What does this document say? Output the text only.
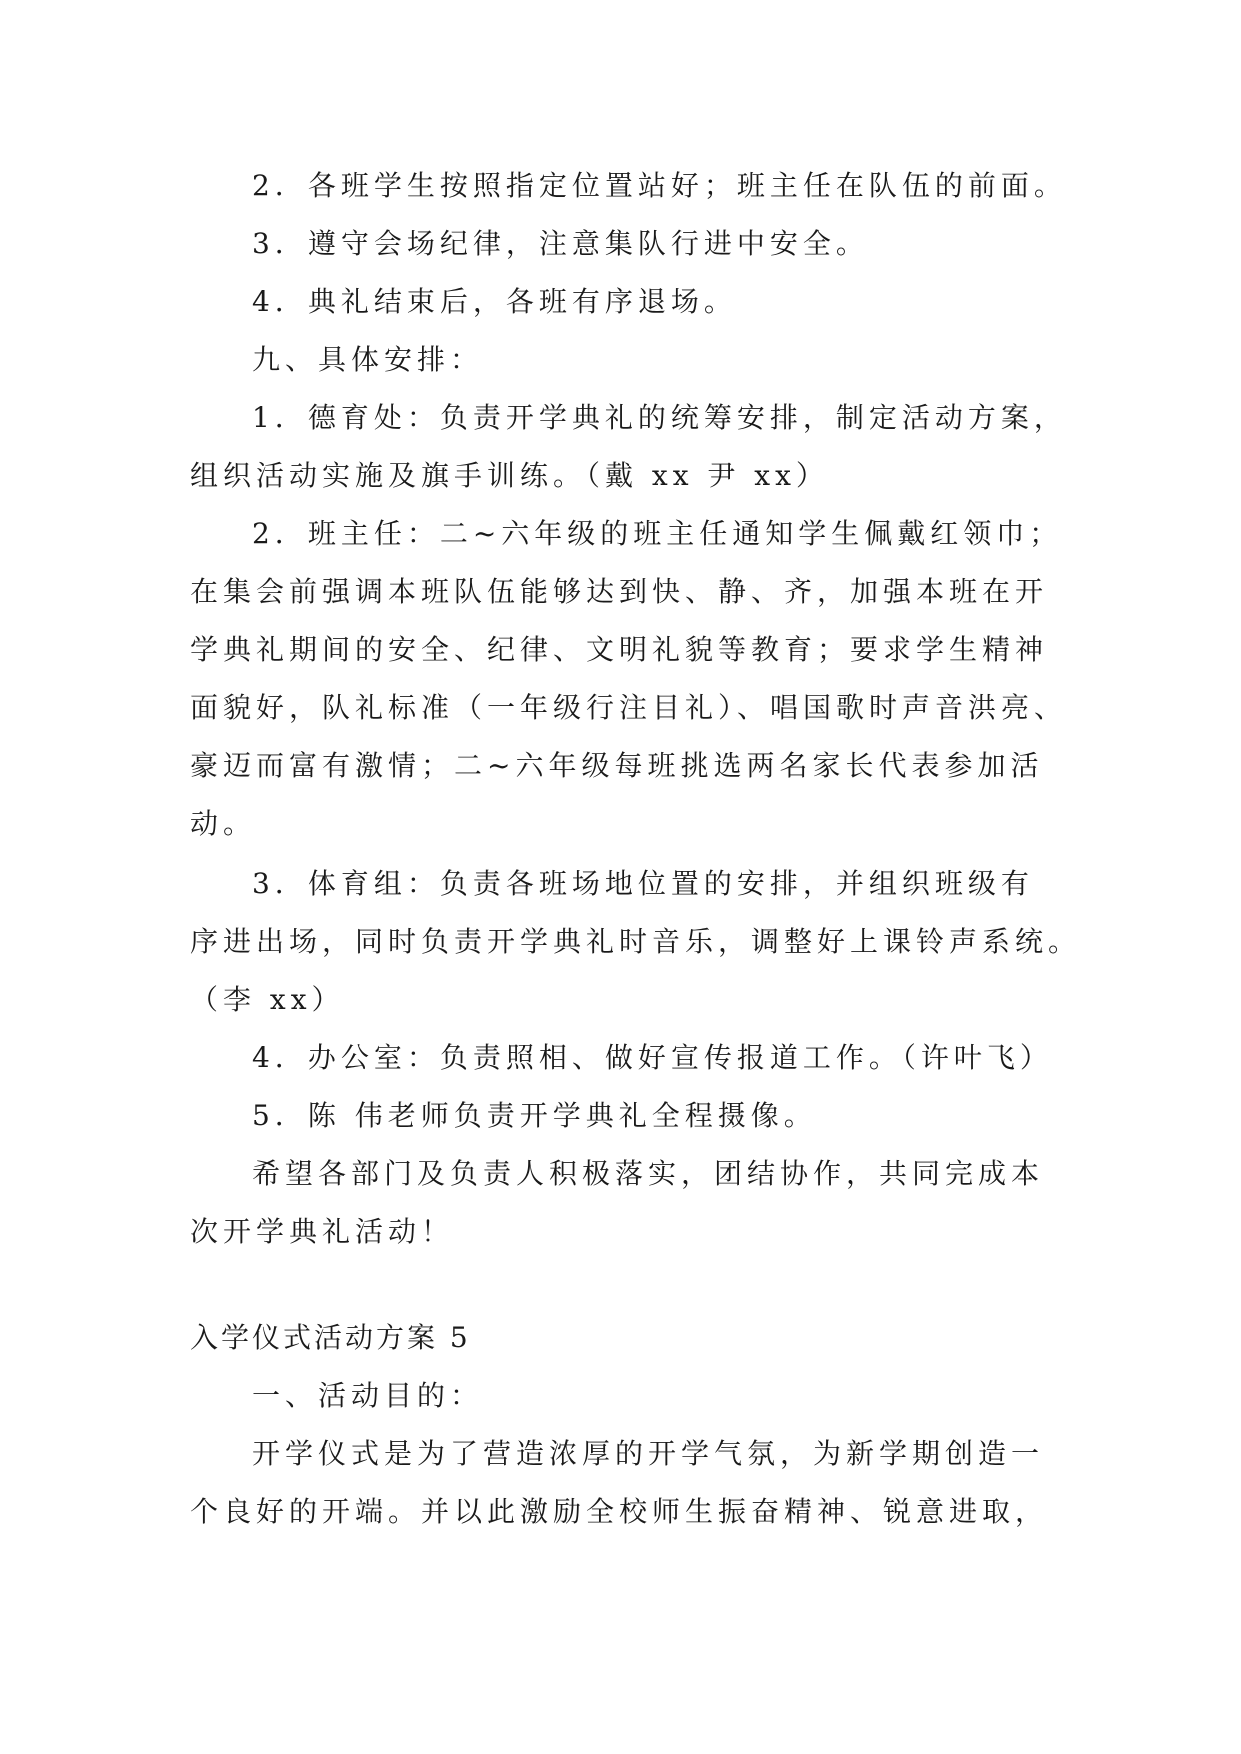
2．各班学生按照指定位置站好；班主任在队伍的前面。
3．遵守会场纪律，注意集队行进中安全。
4．典礼结束后，各班有序退场。
九、具体安排：
1．德育处：负责开学典礼的统筹安排，制定活动方案，
组织活动实施及旗手训练。（戴 xx 尹 xx）
2．班主任：二~六年级的班主任通知学生佩戴红领巾；
在集会前强调本班队伍能够达到快、静、齐，加强本班在开
学典礼期间的安全、纪律、文明礼貌等教育；要求学生精神
面貌好，队礼标准（一年级行注目礼）、唱国歌时声音洪亮、
豪迈而富有激情；二~六年级每班挑选两名家长代表参加活
动。
3．体育组：负责各班场地位置的安排，并组织班级有
序进出场，同时负责开学典礼时音乐，调整好上课铃声系统。
（李 xx）
4．办公室：负责照相、做好宣传报道工作。（许叶飞）
5．陈 伟老师负责开学典礼全程摄像。
希望各部门及负责人积极落实，团结协作，共同完成本
次开学典礼活动！
入学仪式活动方案 5
一、活动目的：
开学仪式是为了营造浓厚的开学气氛，为新学期创造一
个良好的开端。并以此激励全校师生振奋精神、锐意进取，
